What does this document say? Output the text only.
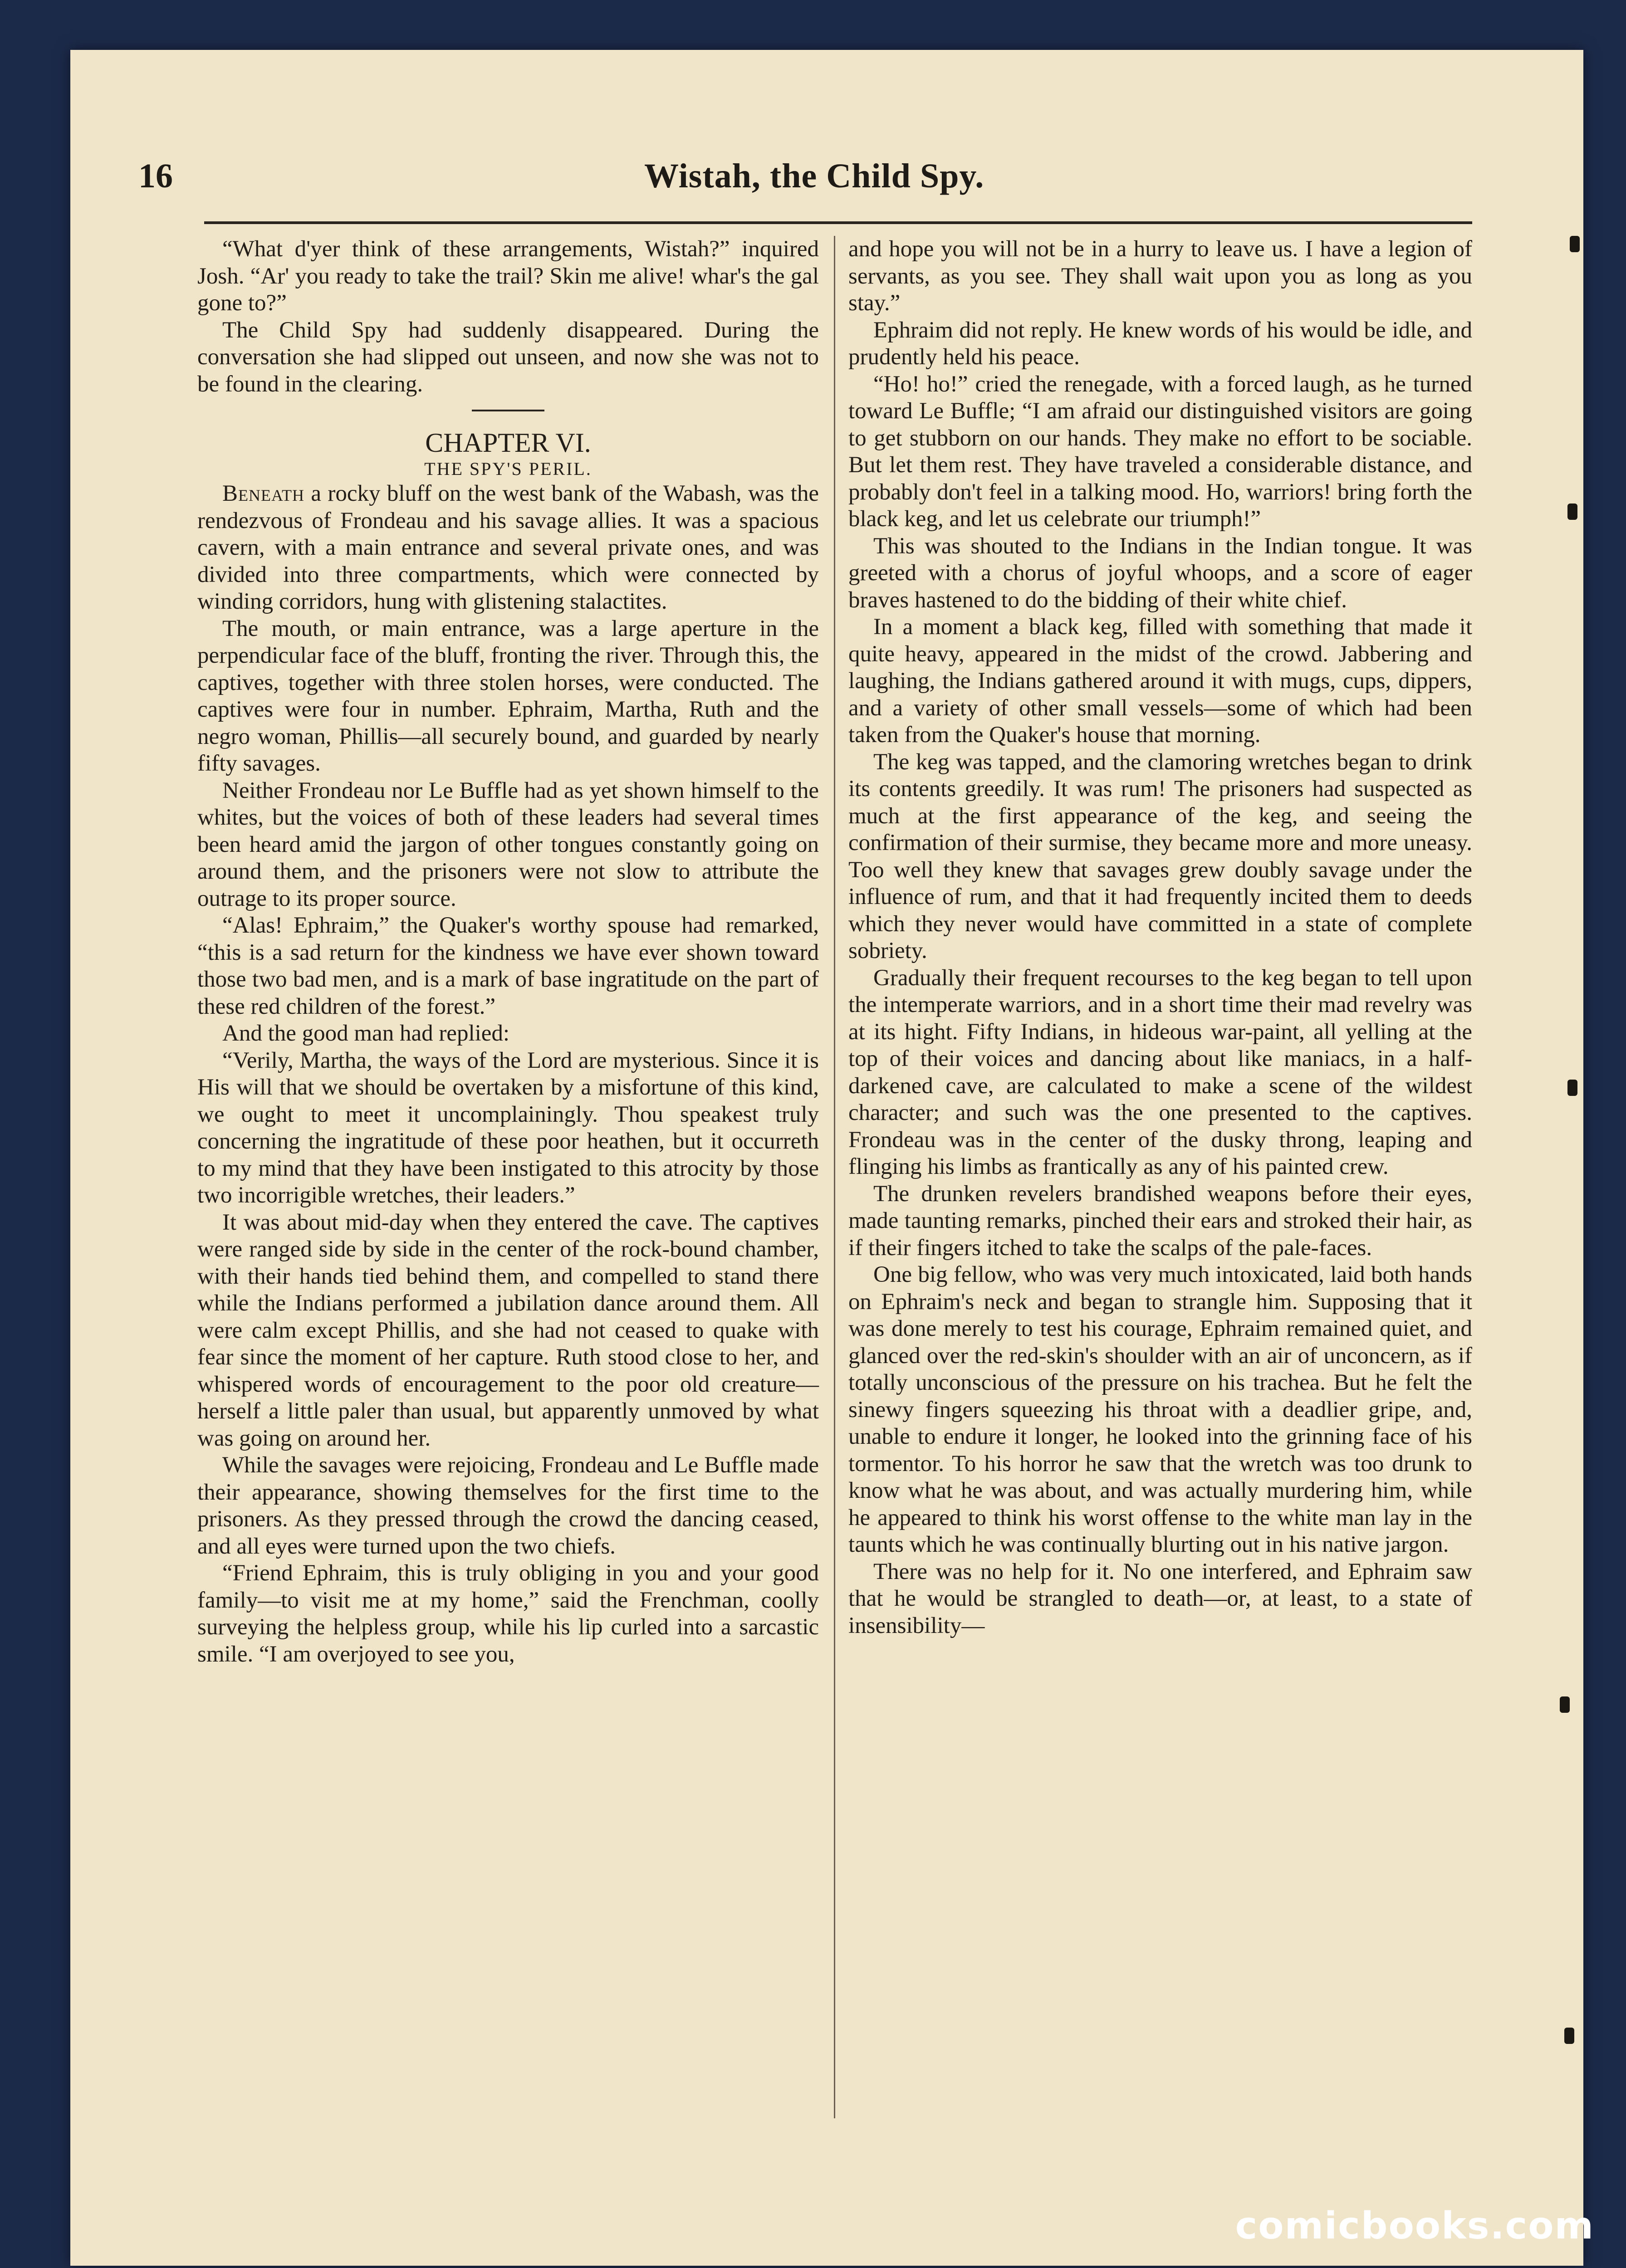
16	Wistah, the Child Spy.

“What d'yer think of these arrangements, Wistah?” inquired Josh. “Ar' you ready to take the trail? Skin me alive! whar's the gal gone to?”

The Child Spy had suddenly disappeared. During the conversation she had slipped out unseen, and now she was not to be found in the clearing.

CHAPTER VI.
THE SPY'S PERIL.

Beneath a rocky bluff on the west bank of the Wabash, was the rendezvous of Frondeau and his savage allies. It was a spacious cavern, with a main entrance and several private ones, and was divided into three compartments, which were connected by winding corridors, hung with glistening stalactites.

The mouth, or main entrance, was a large aperture in the perpendicular face of the bluff, fronting the river. Through this, the captives, together with three stolen horses, were conducted. The captives were four in number. Ephraim, Martha, Ruth and the negro woman, Phillis—all securely bound, and guarded by nearly fifty savages.

Neither Frondeau nor Le Buffle had as yet shown himself to the whites, but the voices of both of these leaders had several times been heard amid the jargon of other tongues constantly going on around them, and the prisoners were not slow to attribute the outrage to its proper source.

“Alas! Ephraim,” the Quaker's worthy spouse had remarked, “this is a sad return for the kindness we have ever shown toward those two bad men, and is a mark of base ingratitude on the part of these red children of the forest.”

And the good man had replied:

“Verily, Martha, the ways of the Lord are mysterious. Since it is His will that we should be overtaken by a misfortune of this kind, we ought to meet it uncomplainingly. Thou speakest truly concerning the ingratitude of these poor heathen, but it occurreth to my mind that they have been instigated to this atrocity by those two incorrigible wretches, their leaders.”

It was about mid-day when they entered the cave. The captives were ranged side by side in the center of the rock-bound chamber, with their hands tied behind them, and compelled to stand there while the Indians performed a jubilation dance around them. All were calm except Phillis, and she had not ceased to quake with fear since the moment of her capture. Ruth stood close to her, and whispered words of encouragement to the poor old creature—herself a little paler than usual, but apparently unmoved by what was going on around her.

While the savages were rejoicing, Frondeau and Le Buffle made their appearance, showing themselves for the first time to the prisoners. As they pressed through the crowd the dancing ceased, and all eyes were turned upon the two chiefs.

“Friend Ephraim, this is truly obliging in you and your good family—to visit me at my home,” said the Frenchman, coolly surveying the helpless group, while his lip curled into a sarcastic smile. “I am overjoyed to see you,

and hope you will not be in a hurry to leave us. I have a legion of servants, as you see. They shall wait upon you as long as you stay.”

Ephraim did not reply. He knew words of his would be idle, and prudently held his peace.

“Ho! ho!” cried the renegade, with a forced laugh, as he turned toward Le Buffle; “I am afraid our distinguished visitors are going to get stubborn on our hands. They make no effort to be sociable. But let them rest. They have traveled a considerable distance, and probably don't feel in a talking mood. Ho, warriors! bring forth the black keg, and let us celebrate our triumph!”

This was shouted to the Indians in the Indian tongue. It was greeted with a chorus of joyful whoops, and a score of eager braves hastened to do the bidding of their white chief.

In a moment a black keg, filled with something that made it quite heavy, appeared in the midst of the crowd. Jabbering and laughing, the Indians gathered around it with mugs, cups, dippers, and a variety of other small vessels—some of which had been taken from the Quaker's house that morning.

The keg was tapped, and the clamoring wretches began to drink its contents greedily. It was rum! The prisoners had suspected as much at the first appearance of the keg, and seeing the confirmation of their surmise, they became more and more uneasy. Too well they knew that savages grew doubly savage under the influence of rum, and that it had frequently incited them to deeds which they never would have committed in a state of complete sobriety.

Gradually their frequent recourses to the keg began to tell upon the intemperate warriors, and in a short time their mad revelry was at its hight. Fifty Indians, in hideous war-paint, all yelling at the top of their voices and dancing about like maniacs, in a half-darkened cave, are calculated to make a scene of the wildest character; and such was the one presented to the captives. Frondeau was in the center of the dusky throng, leaping and flinging his limbs as frantically as any of his painted crew.

The drunken revelers brandished weapons before their eyes, made taunting remarks, pinched their ears and stroked their hair, as if their fingers itched to take the scalps of the pale-faces.

One big fellow, who was very much intoxicated, laid both hands on Ephraim's neck and began to strangle him. Supposing that it was done merely to test his courage, Ephraim remained quiet, and glanced over the red-skin's shoulder with an air of unconcern, as if totally unconscious of the pressure on his trachea. But he felt the sinewy fingers squeezing his throat with a deadlier gripe, and, unable to endure it longer, he looked into the grinning face of his tormentor. To his horror he saw that the wretch was too drunk to know what he was about, and was actually murdering him, while he appeared to think his worst offense to the white man lay in the taunts which he was continually blurting out in his native jargon.

There was no help for it. No one interfered, and Ephraim saw that he would be strangled to death—or, at least, to a state of insensibility—

comicbooks.com
